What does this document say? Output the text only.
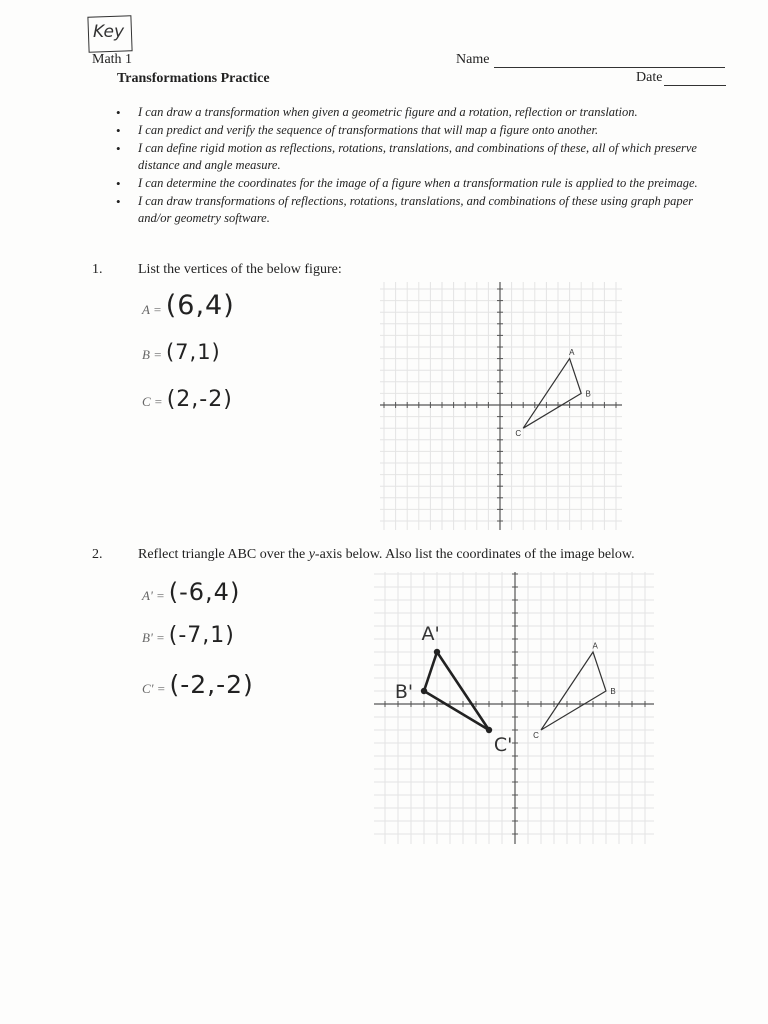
Key
Math 1
Transformations Practice
Name
Date
• I can draw a transformation when given a geometric figure and a rotation, reflection or translation.
• I can predict and verify the sequence of transformations that will map a figure onto another.
• I can define rigid motion as reflections, rotations, translations, and combinations of these, all of which preserve distance and angle measure.
• I can determine the coordinates for the image of a figure when a transformation rule is applied to the preimage.
• I can draw transformations of reflections, rotations, translations, and combinations of these using graph paper and/or geometry software.
1.	List the vertices of the below figure:
A = (6,4)
B = (7,1)
C = (2,-2)
A
B
C
2.	Reflect triangle ABC over the y-axis below. Also list the coordinates of the image below.
A' = (-6,4)
B' = (-7,1)
C' = (-2,-2)
A
B
C
A'
B'
C'
